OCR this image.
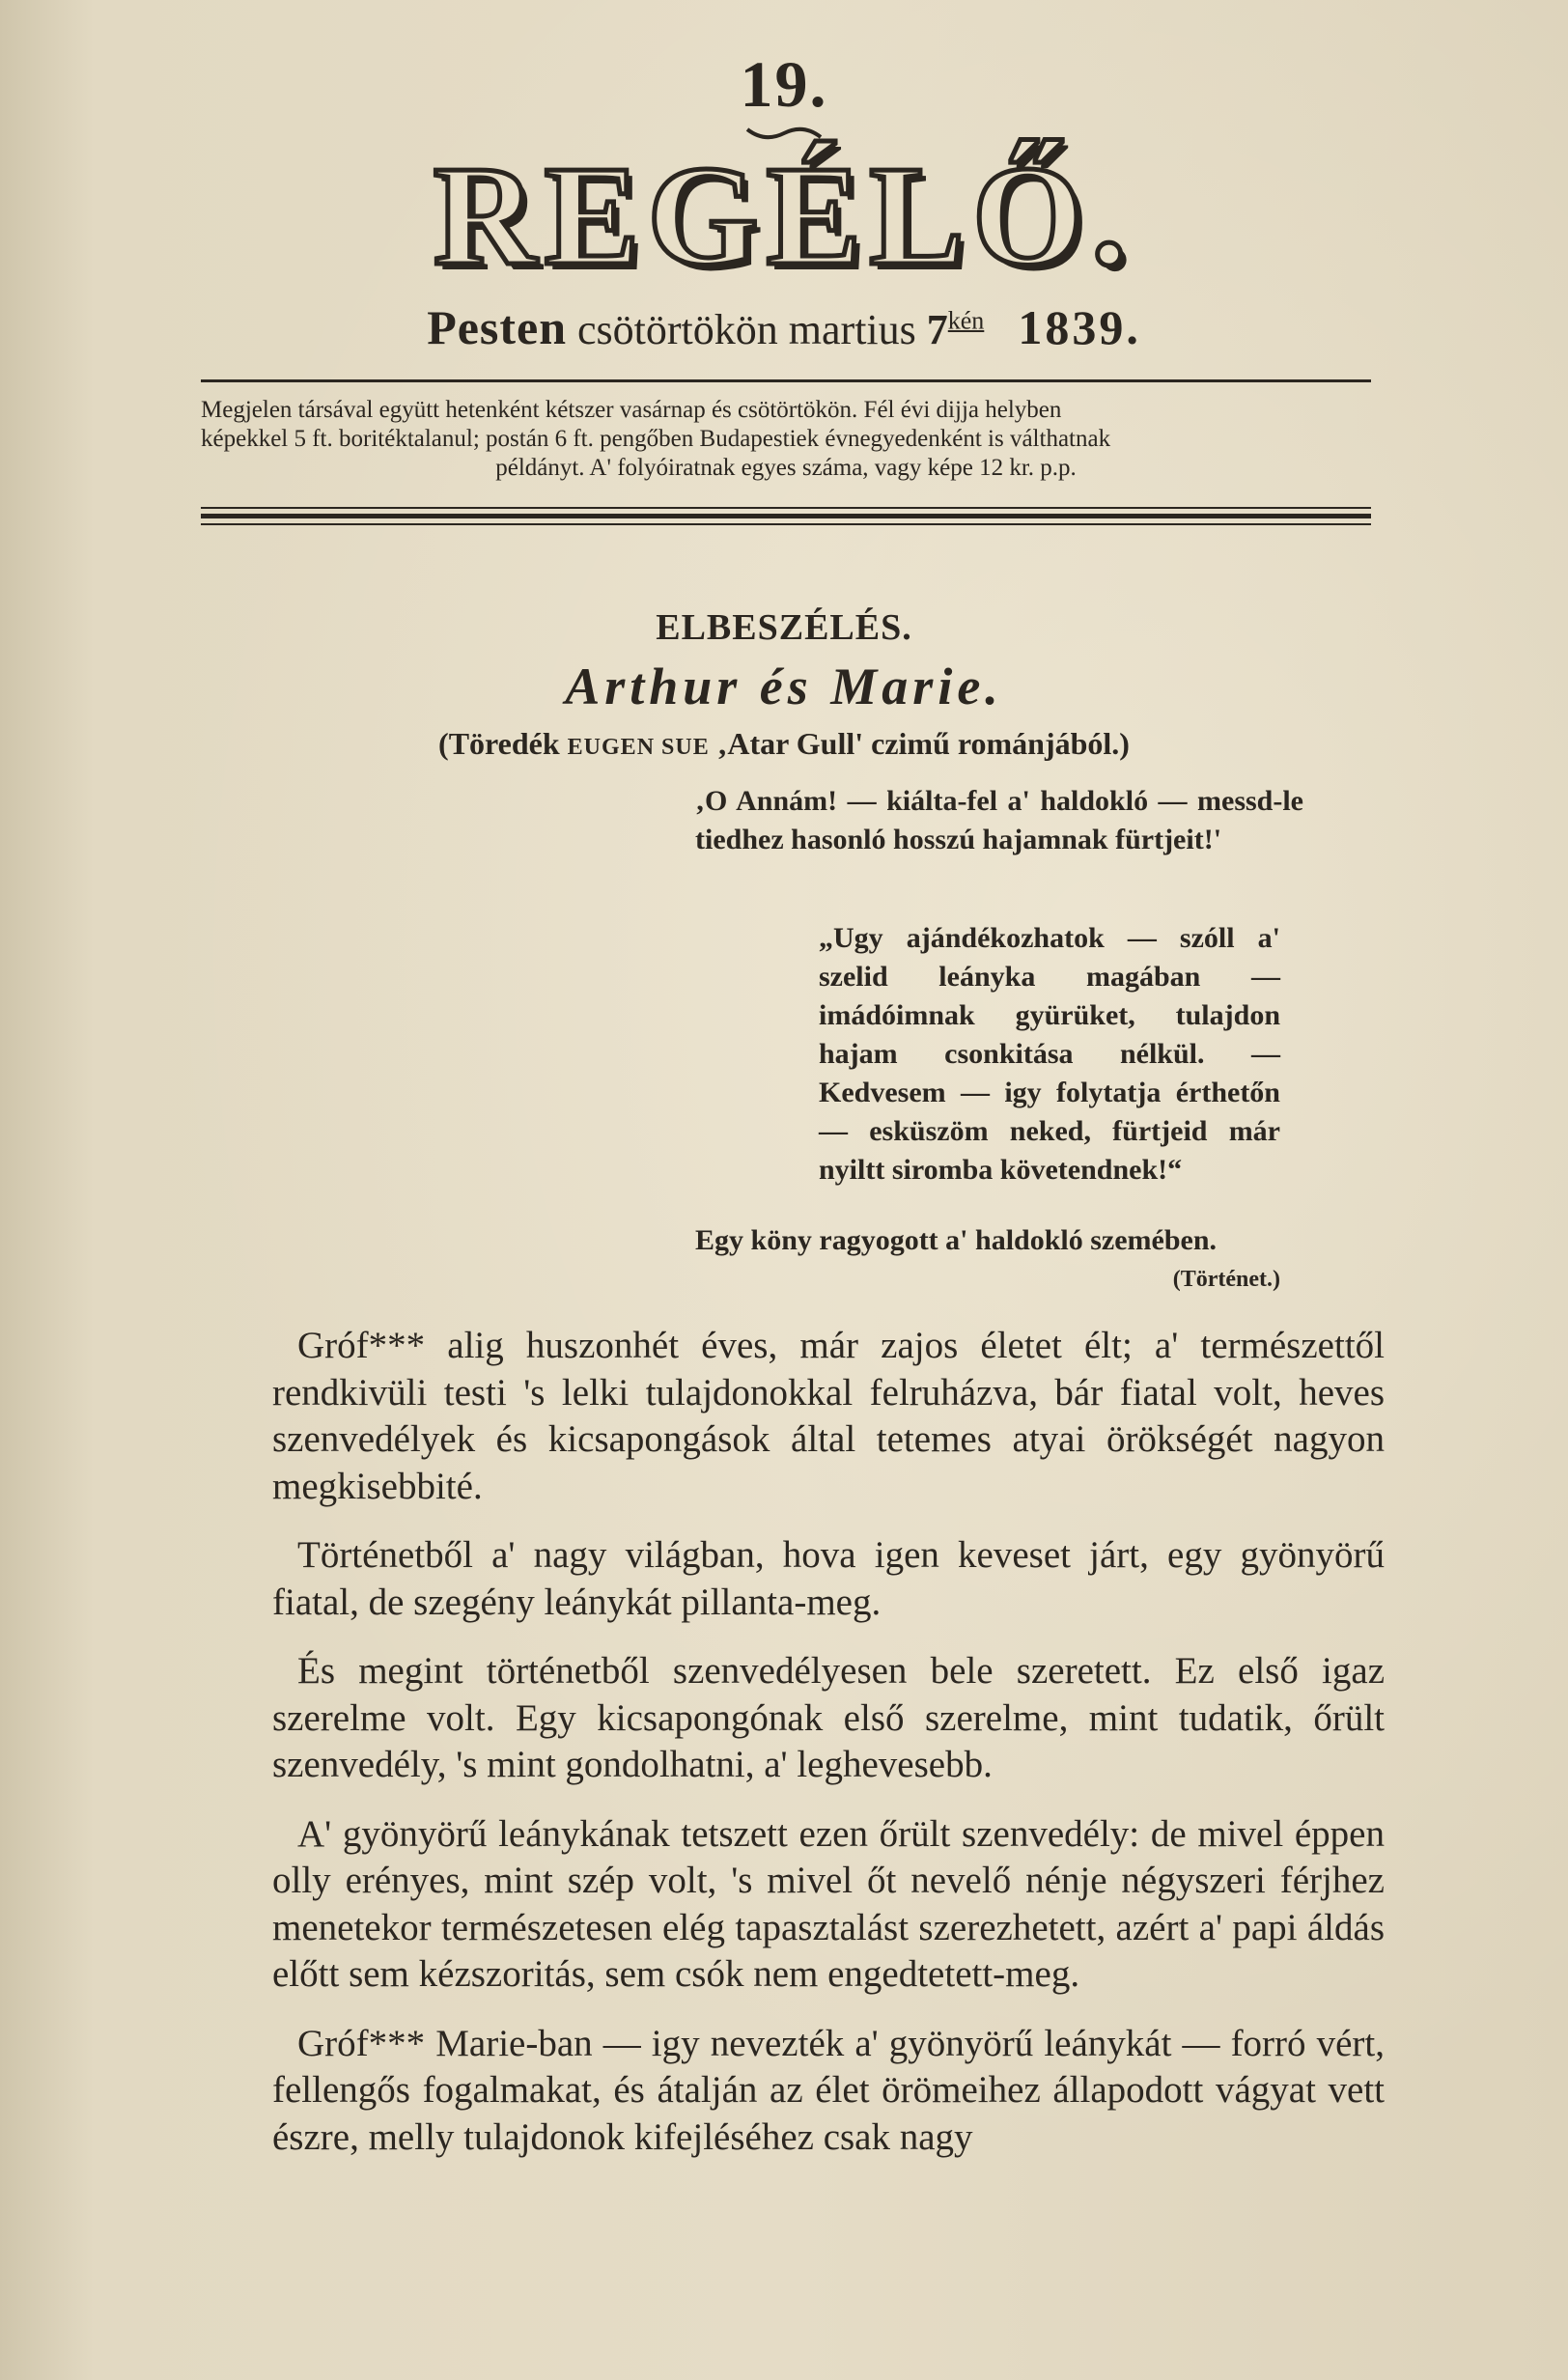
19.
REGÉLŐ.
Pesten csötörtökön martius $7^{kén}$ 1839.

Megjelen társával együtt hetenként kétszer vasárnap és csötörtökön. Fél évi dijja helyben

képekkel 5 ft. boritéktalanul; postán 6 ft. pengőben Budapestiek évnegyedenként is válthatnak

példányt. A' folyóiratnak egyes száma, vagy képe 12 kr. p.p.

ELBESZÉLÉS.
Arthur és Marie.
(Töredék EUGEN SUE ‚Atar Gull' czimű románjából.)

‚O Annám! — kiálta-fel a' haldokló — messd-le tiedhez hasonló hosszú hajamnak fürtjeit!'

„Ugy ajándékozhatok — szóll a' szelid leányka magában — imádóimnak gyürüket, tulajdon hajam csonkitása nélkül. — Kedvesem — igy folytatja érthetőn — esküszöm neked, fürtjeid már nyiltt siromba követendnek!“

Egy köny ragyogott a' haldokló szemében.
(Történet.)

Gróf*** alig huszonhét éves, már zajos életet élt; a' természettől rendkivüli testi 's lelki tulajdonokkal felruházva, bár fiatal volt, heves szenvedélyek és kicsapongások által tetemes atyai örökségét nagyon megkisebbité.

Történetből a' nagy világban, hova igen keveset járt, egy gyönyörű fiatal, de szegény leánykát pillanta-meg.

És megint történetből szenvedélyesen bele szeretett. Ez első igaz szerelme volt. Egy kicsapongónak első szerelme, mint tudatik, őrült szenvedély, 's mint gondolhatni, a' leghevesebb.

A' gyönyörű leánykának tetszett ezen őrült szenvedély: de mivel éppen olly erényes, mint szép volt, 's mivel őt nevelő nénje négyszeri férjhez menetekor természetesen elég tapasztalást szerezhetett, azért a' papi áldás előtt sem kézszoritás, sem csók nem engedtetett-meg.

Gróf*** Marie-ban — igy nevezték a' gyönyörű leánykát — forró vért, fellengős fogalmakat, és átalján az élet örömeihez állapodott vágyat vett észre, melly tulajdonok kifejléséhez csak nagy
